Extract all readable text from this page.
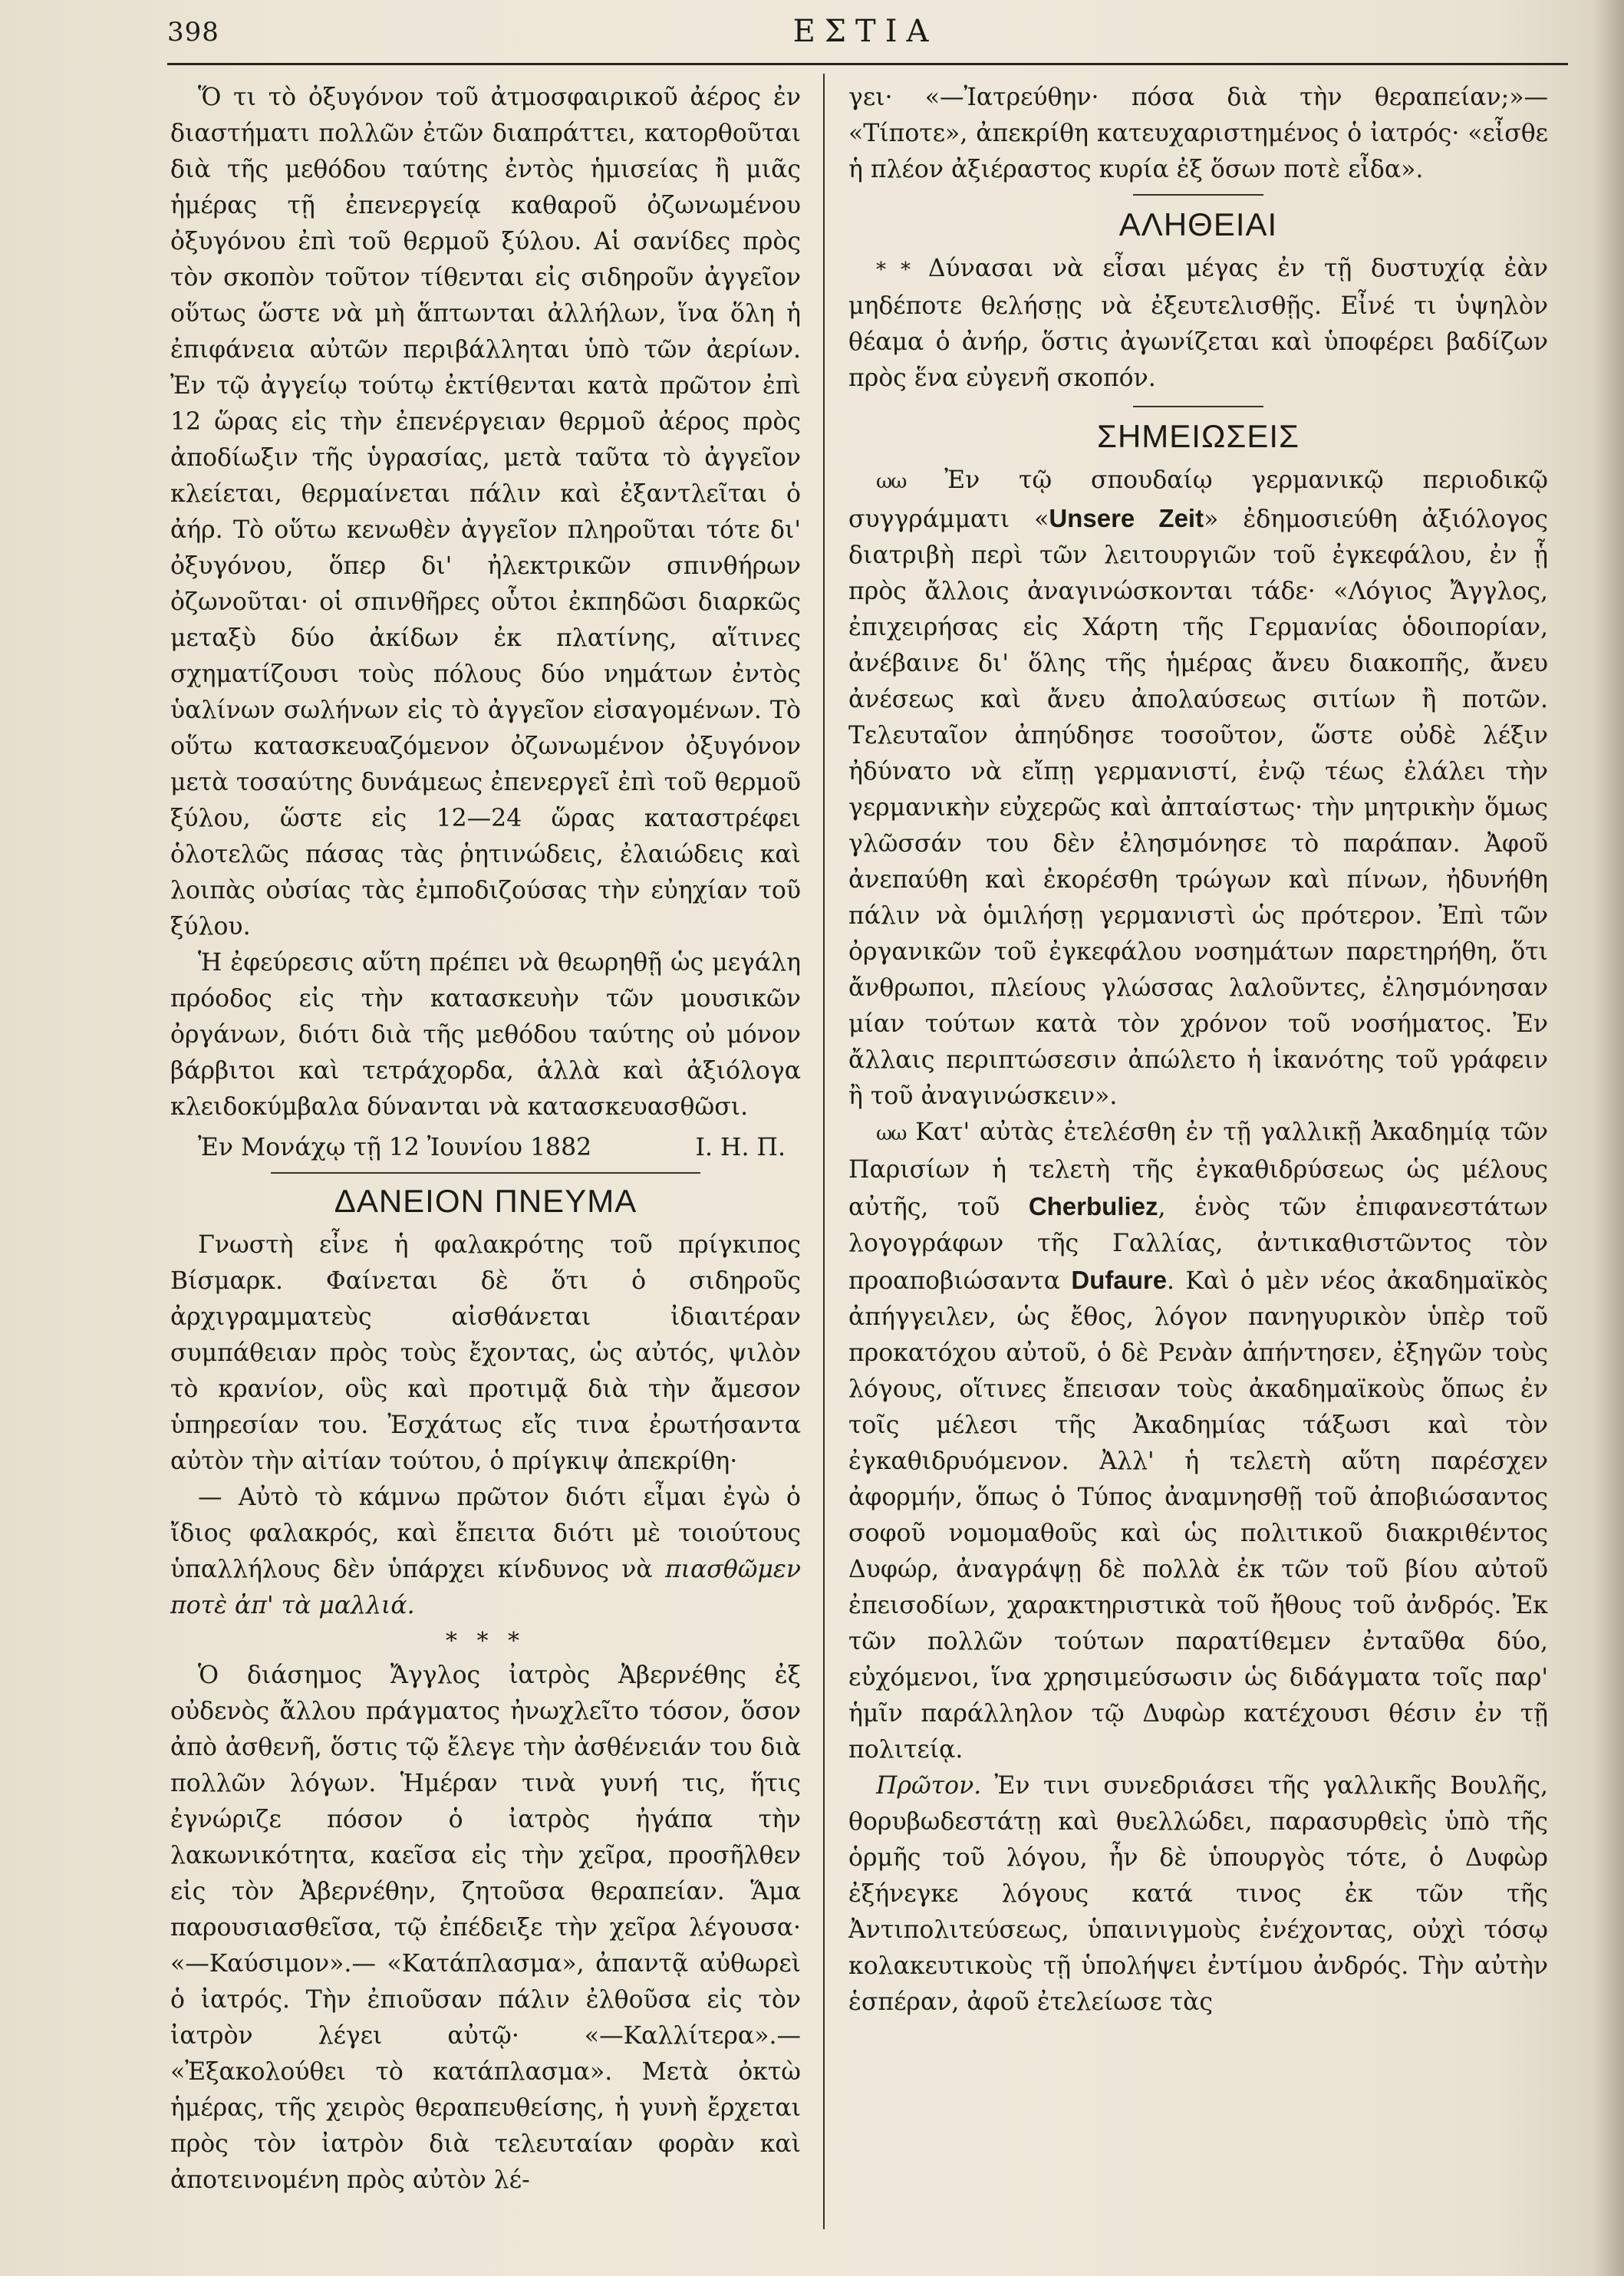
398	ΕΣΤΙΑ

Ὅ τι τὸ ὀξυγόνον τοῦ ἀτμοσφαιρικοῦ ἀέρος ἐν διαστήματι πολλῶν ἐτῶν διαπράττει, κατορθοῦται διὰ τῆς μεθόδου ταύτης ἐντὸς ἡμισείας ἢ μιᾶς ἡμέρας τῇ ἐπενεργείᾳ καθαροῦ ὀζωνωμένου ὀξυγόνου ἐπὶ τοῦ θερμοῦ ξύλου. Αἱ σανίδες πρὸς τὸν σκοπὸν τοῦτον τίθενται εἰς σιδηροῦν ἀγγεῖον οὕτως ὥστε νὰ μὴ ἅπτωνται ἀλλήλων, ἵνα ὅλη ἡ ἐπιφάνεια αὐτῶν περιβάλληται ὑπὸ τῶν ἀερίων. Ἐν τῷ ἀγγείῳ τούτῳ ἐκτίθενται κατὰ πρῶτον ἐπὶ 12 ὥρας εἰς τὴν ἐπενέργειαν θερμοῦ ἀέρος πρὸς ἀποδίωξιν τῆς ὑγρασίας, μετὰ ταῦτα τὸ ἀγγεῖον κλείεται, θερμαίνεται πάλιν καὶ ἐξαντλεῖται ὁ ἀήρ. Τὸ οὕτω κενωθὲν ἀγγεῖον πληροῦται τότε δι' ὀξυγόνου, ὅπερ δι' ἠλεκτρικῶν σπινθήρων ὀζωνοῦται· οἱ σπινθῆρες οὗτοι ἐκπηδῶσι διαρκῶς μεταξὺ δύο ἀκίδων ἐκ πλατίνης, αἵτινες σχηματίζουσι τοὺς πόλους δύο νημάτων ἐντὸς ὑαλίνων σωλήνων εἰς τὸ ἀγγεῖον εἰσαγομένων. Τὸ οὕτω κατασκευαζόμενον ὀζωνωμένον ὀξυγόνον μετὰ τοσαύτης δυνάμεως ἐπενεργεῖ ἐπὶ τοῦ θερμοῦ ξύλου, ὥστε εἰς 12—24 ὥρας καταστρέφει ὁλοτελῶς πάσας τὰς ῥητινώδεις, ἐλαιώδεις καὶ λοιπὰς οὐσίας τὰς ἐμποδιζούσας τὴν εὐηχίαν τοῦ ξύλου.

Ἡ ἐφεύρεσις αὕτη πρέπει νὰ θεωρηθῇ ὡς μεγάλη πρόοδος εἰς τὴν κατασκευὴν τῶν μουσικῶν ὀργάνων, διότι διὰ τῆς μεθόδου ταύτης οὐ μόνον βάρβιτοι καὶ τετράχορδα, ἀλλὰ καὶ ἀξιόλογα κλειδοκύμβαλα δύνανται νὰ κατασκευασθῶσι.

Ἐν Μονάχῳ τῇ 12 Ἰουνίου 1882	Ι. Η. Π.
ΔΑΝΕΙΟΝ ΠΝΕΥΜΑ

Γνωστὴ εἶνε ἡ φαλακρότης τοῦ πρίγκιπος Βίσμαρκ. Φαίνεται δὲ ὅτι ὁ σιδηροῦς ἀρχιγραμματεὺς αἰσθάνεται ἰδιαιτέραν συμπάθειαν πρὸς τοὺς ἔχοντας, ὡς αὐτός, ψιλὸν τὸ κρανίον, οὓς καὶ προτιμᾷ διὰ τὴν ἄμεσον ὑπηρεσίαν του. Ἐσχάτως εἴς τινα ἐρωτήσαντα αὐτὸν τὴν αἰτίαν τούτου, ὁ πρίγκιψ ἀπεκρίθη·

— Αὐτὸ τὸ κάμνω πρῶτον διότι εἶμαι ἐγὼ ὁ ἴδιος φαλακρός, καὶ ἔπειτα διότι μὲ τοιούτους ὑπαλλήλους δὲν ὑπάρχει κίνδυνος νὰ πιασθῶμεν ποτὲ ἀπ' τὰ μαλλιά.

* * *

Ὁ διάσημος Ἄγγλος ἰατρὸς Ἀβερνέθης ἐξ οὐδενὸς ἄλλου πράγματος ἠνωχλεῖτο τόσον, ὅσον ἀπὸ ἀσθενῆ, ὅστις τῷ ἔλεγε τὴν ἀσθένειάν του διὰ πολλῶν λόγων. Ἡμέραν τινὰ γυνή τις, ἥτις ἐγνώριζε πόσον ὁ ἰατρὸς ἠγάπα τὴν λακωνικότητα, καεῖσα εἰς τὴν χεῖρα, προσῆλθεν εἰς τὸν Ἀβερνέθην, ζητοῦσα θεραπείαν. Ἅμα παρουσιασθεῖσα, τῷ ἐπέδειξε τὴν χεῖρα λέγουσα· «—Καύσιμον».— «Κατάπλασμα», ἀπαντᾷ αὐθωρεὶ ὁ ἰατρός. Τὴν ἐπιοῦσαν πάλιν ἐλθοῦσα εἰς τὸν ἰατρὸν λέγει αὐτῷ· «—Καλλίτερα».— «Ἐξακολούθει τὸ κατάπλασμα». Μετὰ ὀκτὼ ἡμέρας, τῆς χειρὸς θεραπευθείσης, ἡ γυνὴ ἔρχεται πρὸς τὸν ἰατρὸν διὰ τελευταίαν φορὰν καὶ ἀποτεινομένη πρὸς αὐτὸν λέ-

γει· «—Ἰατρεύθην· πόσα διὰ τὴν θεραπείαν;»— «Τίποτε», ἀπεκρίθη κατευχαριστημένος ὁ ἰατρός· «εἶσθε ἡ πλέον ἀξιέραστος κυρία ἐξ ὅσων ποτὲ εἶδα».

ΑΛΗΘΕΙΑΙ

* * Δύνασαι νὰ εἶσαι μέγας ἐν τῇ δυστυχίᾳ ἐὰν μηδέποτε θελήσῃς νὰ ἐξευτελισθῇς. Εἶνέ τι ὑψηλὸν θέαμα ὁ ἀνήρ, ὅστις ἀγωνίζεται καὶ ὑποφέρει βαδίζων πρὸς ἕνα εὐγενῆ σκοπόν.

ΣΗΜΕΙΩΣΕΙΣ

ωω Ἐν τῷ σπουδαίῳ γερμανικῷ περιοδικῷ συγγράμματι «Unsere Zeit» ἐδημοσιεύθη ἀξιόλογος διατριβὴ περὶ τῶν λειτουργιῶν τοῦ ἐγκεφάλου, ἐν ᾗ πρὸς ἄλλοις ἀναγινώσκονται τάδε· «Λόγιος Ἄγγλος, ἐπιχειρήσας εἰς Χάρτη τῆς Γερμανίας ὁδοιπορίαν, ἀνέβαινε δι' ὅλης τῆς ἡμέρας ἄνευ διακοπῆς, ἄνευ ἀνέσεως καὶ ἄνευ ἀπολαύσεως σιτίων ἢ ποτῶν. Τελευταῖον ἀπηύδησε τοσοῦτον, ὥστε οὐδὲ λέξιν ἠδύνατο νὰ εἴπῃ γερμανιστί, ἐνῷ τέως ἐλάλει τὴν γερμανικὴν εὐχερῶς καὶ ἀπταίστως· τὴν μητρικὴν ὅμως γλῶσσάν του δὲν ἐλησμόνησε τὸ παράπαν. Ἀφοῦ ἀνεπαύθη καὶ ἐκορέσθη τρώγων καὶ πίνων, ἠδυνήθη πάλιν νὰ ὁμιλήσῃ γερμανιστὶ ὡς πρότερον. Ἐπὶ τῶν ὀργανικῶν τοῦ ἐγκεφάλου νοσημάτων παρετηρήθη, ὅτι ἄνθρωποι, πλείους γλώσσας λαλοῦντες, ἐλησμόνησαν μίαν τούτων κατὰ τὸν χρόνον τοῦ νοσήματος. Ἐν ἄλλαις περιπτώσεσιν ἀπώλετο ἡ ἱκανότης τοῦ γράφειν ἢ τοῦ ἀναγινώσκειν».

ωω Κατ' αὐτὰς ἐτελέσθη ἐν τῇ γαλλικῇ Ἀκαδημίᾳ τῶν Παρισίων ἡ τελετὴ τῆς ἐγκαθιδρύσεως ὡς μέλους αὐτῆς, τοῦ Cherbuliez, ἑνὸς τῶν ἐπιφανεστάτων λογογράφων τῆς Γαλλίας, ἀντικαθιστῶντος τὸν προαποβιώσαντα Dufaure. Καὶ ὁ μὲν νέος ἀκαδημαϊκὸς ἀπήγγειλεν, ὡς ἔθος, λόγον πανηγυρικὸν ὑπὲρ τοῦ προκατόχου αὐτοῦ, ὁ δὲ Ρενὰν ἀπήντησεν, ἐξηγῶν τοὺς λόγους, οἵτινες ἔπεισαν τοὺς ἀκαδημαϊκοὺς ὅπως ἐν τοῖς μέλεσι τῆς Ἀκαδημίας τάξωσι καὶ τὸν ἐγκαθιδρυόμενον. Ἀλλ' ἡ τελετὴ αὕτη παρέσχεν ἀφορμήν, ὅπως ὁ Τύπος ἀναμνησθῇ τοῦ ἀποβιώσαντος σοφοῦ νομομαθοῦς καὶ ὡς πολιτικοῦ διακριθέντος Δυφώρ, ἀναγράψῃ δὲ πολλὰ ἐκ τῶν τοῦ βίου αὐτοῦ ἐπεισοδίων, χαρακτηριστικὰ τοῦ ἤθους τοῦ ἀνδρός. Ἐκ τῶν πολλῶν τούτων παρατίθεμεν ἐνταῦθα δύο, εὐχόμενοι, ἵνα χρησιμεύσωσιν ὡς διδάγματα τοῖς παρ' ἡμῖν παράλληλον τῷ Δυφὼρ κατέχουσι θέσιν ἐν τῇ πολιτείᾳ.

Πρῶτον. Ἐν τινι συνεδριάσει τῆς γαλλικῆς Βουλῆς, θορυβωδεστάτῃ καὶ θυελλώδει, παρασυρθεὶς ὑπὸ τῆς ὁρμῆς τοῦ λόγου, ἦν δὲ ὑπουργὸς τότε, ὁ Δυφὼρ ἐξήνεγκε λόγους κατά τινος ἐκ τῶν τῆς Ἀντιπολιτεύσεως, ὑπαινιγμοὺς ἐνέχοντας, οὐχὶ τόσῳ κολακευτικοὺς τῇ ὑπολήψει ἐντίμου ἀνδρός. Τὴν αὐτὴν ἑσπέραν, ἀφοῦ ἐτελείωσε τὰς
